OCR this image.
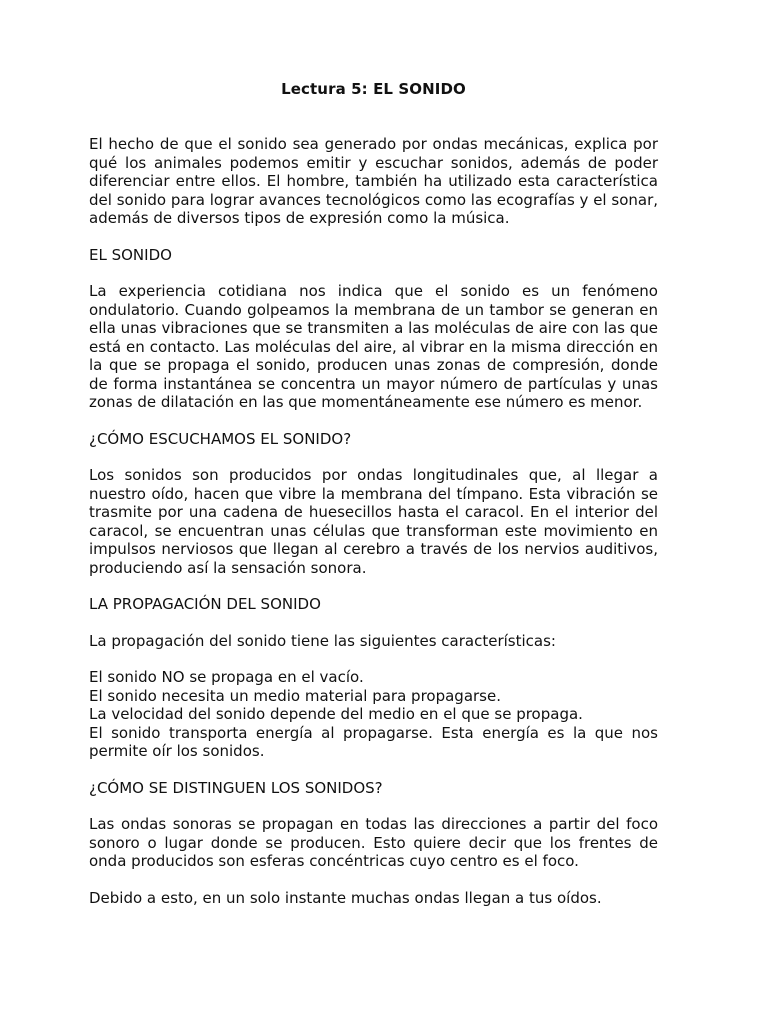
Lectura 5: EL SONIDO

El hecho de que el sonido sea generado por ondas mecánicas, explica por qué los animales podemos emitir y escuchar sonidos, además de poder diferenciar entre ellos. El hombre, también ha utilizado esta característica del sonido para lograr avances tecnológicos como las ecografías y el sonar, además de diversos tipos de expresión como la música.

EL SONIDO

La experiencia cotidiana nos indica que el sonido es un fenómeno ondulatorio. Cuando golpeamos la membrana de un tambor se generan en ella unas vibraciones que se transmiten a las moléculas de aire con las que está en contacto. Las moléculas del aire, al vibrar en la misma dirección en la que se propaga el sonido, producen unas zonas de compresión, donde de forma instantánea se concentra un mayor número de partículas y unas zonas de dilatación en las que momentáneamente ese número es menor.

¿CÓMO ESCUCHAMOS EL SONIDO?

Los sonidos son producidos por ondas longitudinales que, al llegar a nuestro oído, hacen que vibre la membrana del tímpano. Esta vibración se trasmite por una cadena de huesecillos hasta el caracol. En el interior del caracol, se encuentran unas células que transforman este movimiento en impulsos nerviosos que llegan al cerebro a través de los nervios auditivos, produciendo así la sensación sonora.

LA PROPAGACIÓN DEL SONIDO

La propagación del sonido tiene las siguientes características:

El sonido NO se propaga en el vacío.
El sonido necesita un medio material para propagarse.
La velocidad del sonido depende del medio en el que se propaga.
El sonido transporta energía al propagarse. Esta energía es la que nos permite oír los sonidos.
¿CÓMO SE DISTINGUEN LOS SONIDOS?

Las ondas sonoras se propagan en todas las direcciones a partir del foco sonoro o lugar donde se producen. Esto quiere decir que los frentes de onda producidos son esferas concéntricas cuyo centro es el foco.

Debido a esto, en un solo instante muchas ondas llegan a tus oídos.
